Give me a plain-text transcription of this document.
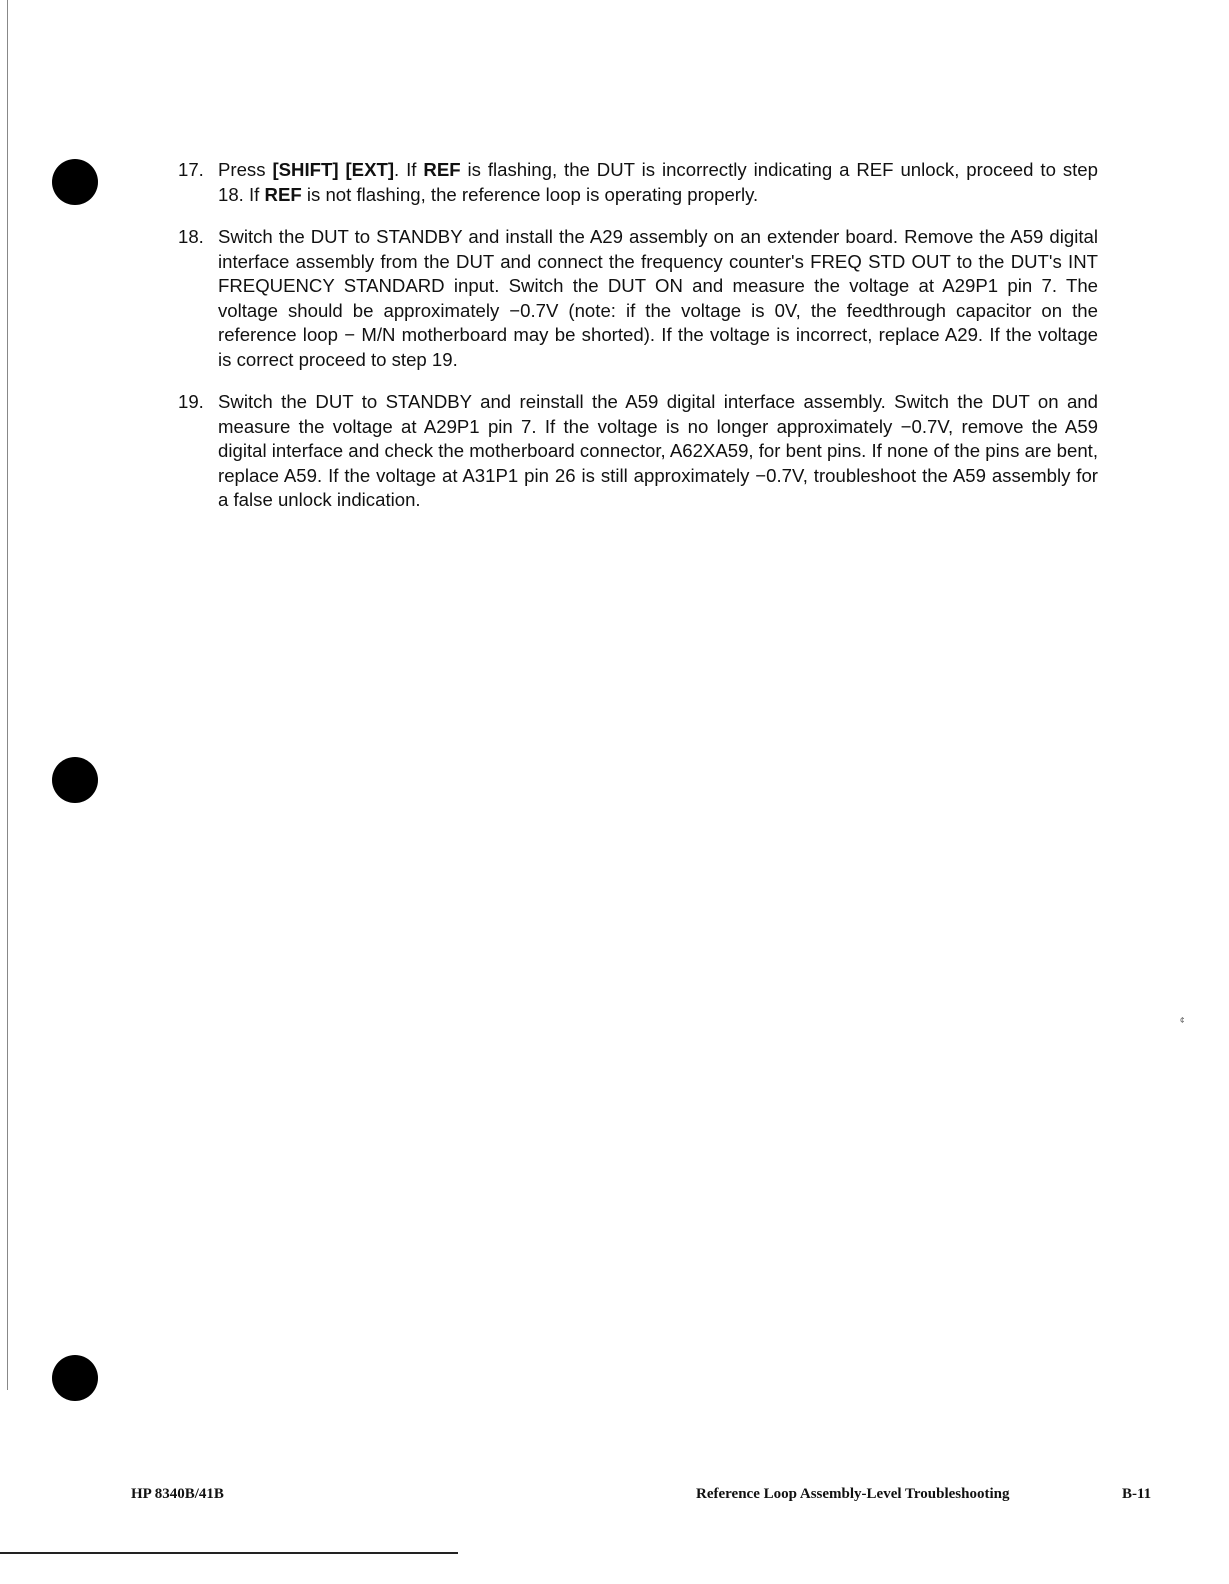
17. Press [SHIFT] [EXT]. If REF is flashing, the DUT is incorrectly indicating a REF unlock, proceed to step 18. If REF is not flashing, the reference loop is operating properly.
18. Switch the DUT to STANDBY and install the A29 assembly on an extender board. Remove the A59 digital interface assembly from the DUT and connect the frequency counter's FREQ STD OUT to the DUT's INT FREQUENCY STANDARD input. Switch the DUT ON and measure the voltage at A29P1 pin 7. The voltage should be approximately −0.7V (note: if the voltage is 0V, the feedthrough capacitor on the reference loop − M/N motherboard may be shorted). If the voltage is incorrect, replace A29. If the voltage is correct proceed to step 19.
19. Switch the DUT to STANDBY and reinstall the A59 digital interface assembly. Switch the DUT on and measure the voltage at A29P1 pin 7. If the voltage is no longer approximately −0.7V, remove the A59 digital interface and check the motherboard connector, A62XA59, for bent pins. If none of the pins are bent, replace A59. If the voltage at A31P1 pin 26 is still approximately −0.7V, troubleshoot the A59 assembly for a false unlock indication.
¢
HP 8340B/41B	Reference Loop Assembly-Level Troubleshooting	B-11
